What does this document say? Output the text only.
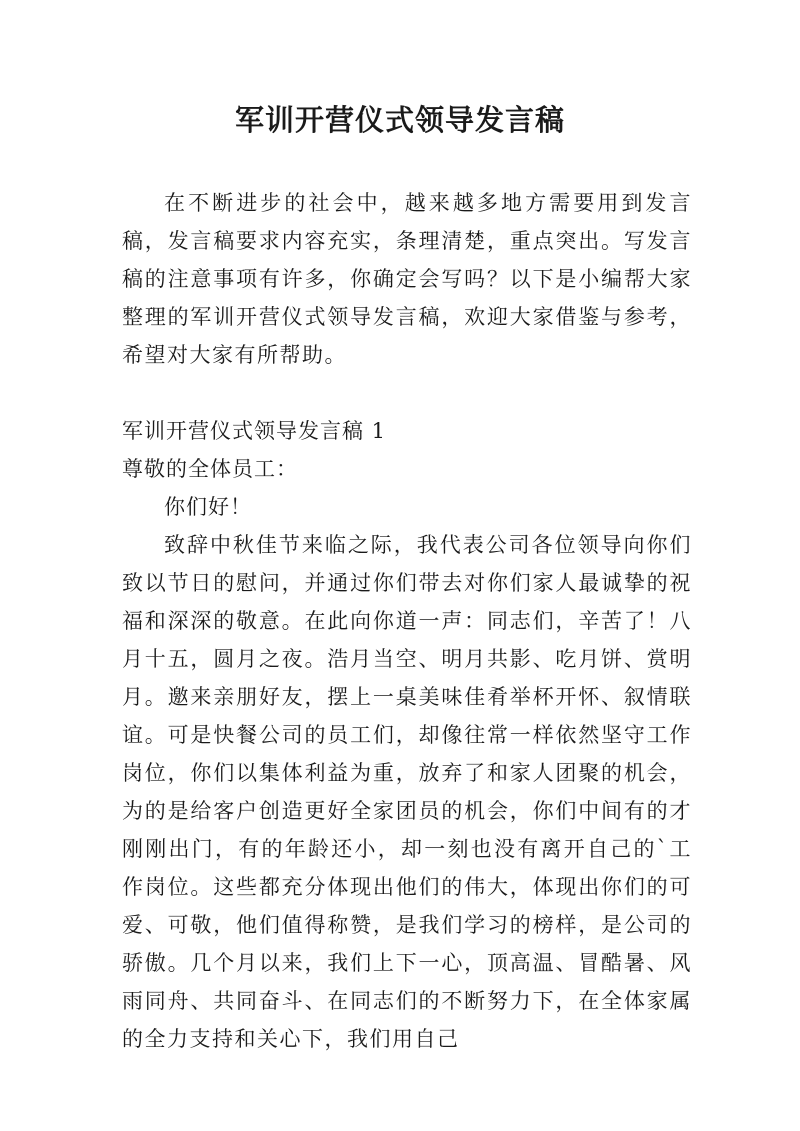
军训开营仪式领导发言稿

在不断进步的社会中，越来越多地方需要用到发言稿，发言稿要求内容充实，条理清楚，重点突出。写发言稿的注意事项有许多，你确定会写吗？以下是小编帮大家整理的军训开营仪式领导发言稿，欢迎大家借鉴与参考，希望对大家有所帮助。

军训开营仪式领导发言稿 1

尊敬的全体员工：

你们好！

致辞中秋佳节来临之际，我代表公司各位领导向你们致以节日的慰问，并通过你们带去对你们家人最诚挚的祝福和深深的敬意。在此向你道一声：同志们，辛苦了！八月十五，圆月之夜。浩月当空、明月共影、吃月饼、赏明月。邀来亲朋好友，摆上一桌美味佳肴举杯开怀、叙情联谊。可是快餐公司的员工们，却像往常一样依然坚守工作岗位，你们以集体利益为重，放弃了和家人团聚的机会，为的是给客户创造更好全家团员的机会，你们中间有的才刚刚出门，有的年龄还小，却一刻也没有离开自己的`工作岗位。这些都充分体现出他们的伟大，体现出你们的可爱、可敬，他们值得称赞，是我们学习的榜样，是公司的骄傲。几个月以来，我们上下一心，顶高温、冒酷暑、风雨同舟、共同奋斗、在同志们的不断努力下，在全体家属的全力支持和关心下，我们用自己
